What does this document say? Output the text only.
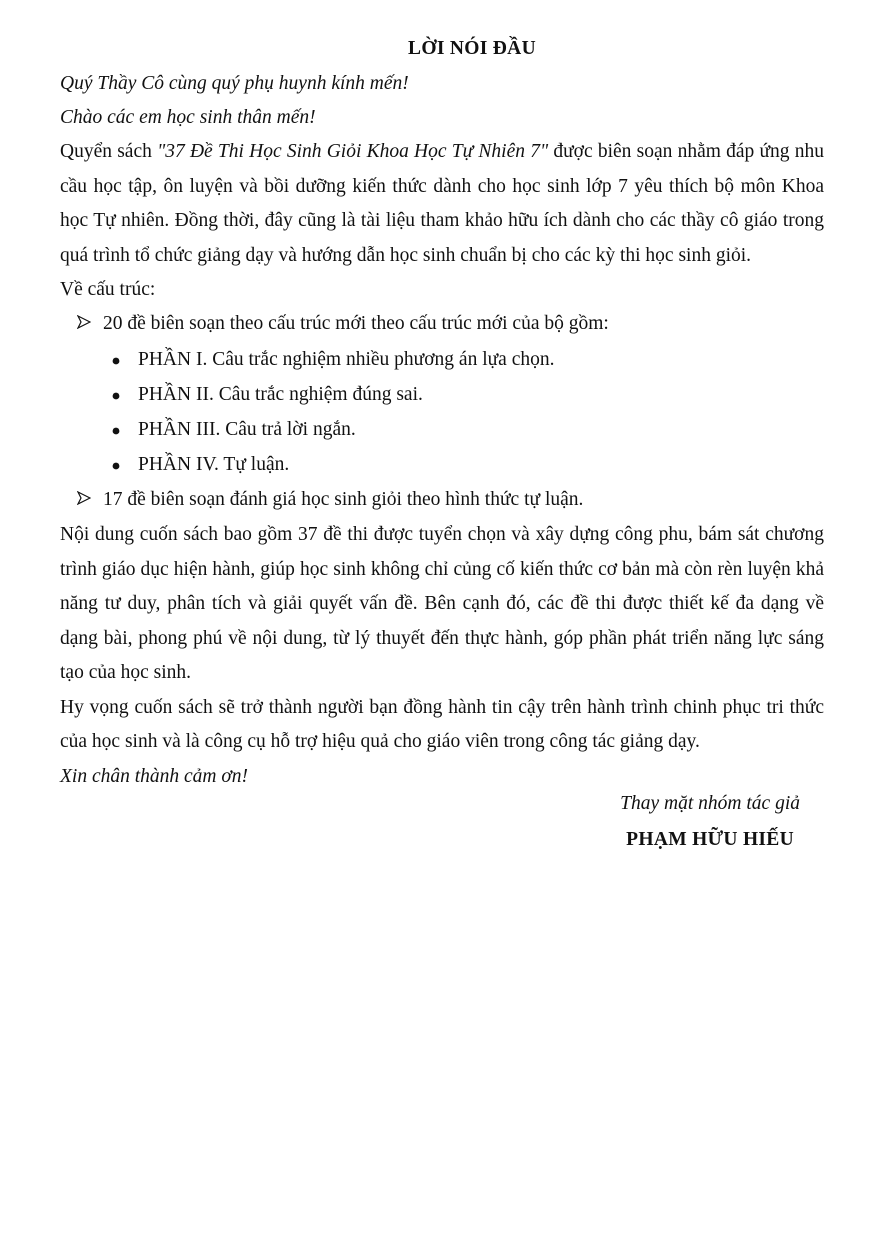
LỜI NÓI ĐẦU

Quý Thầy Cô cùng quý phụ huynh kính mến!

Chào các em học sinh thân mến!

Quyển sách "37 Đề Thi Học Sinh Giỏi Khoa Học Tự Nhiên 7" được biên soạn nhằm đáp ứng nhu cầu học tập, ôn luyện và bồi dưỡng kiến thức dành cho học sinh lớp 7 yêu thích bộ môn Khoa học Tự nhiên. Đồng thời, đây cũng là tài liệu tham khảo hữu ích dành cho các thầy cô giáo trong quá trình tổ chức giảng dạy và hướng dẫn học sinh chuẩn bị cho các kỳ thi học sinh giỏi.

Về cấu trúc:

20 đề biên soạn theo cấu trúc mới theo cấu trúc mới của bộ gồm:
PHẦN I. Câu trắc nghiệm nhiều phương án lựa chọn.
PHẦN II. Câu trắc nghiệm đúng sai.
PHẦN III. Câu trả lời ngắn.
PHẦN IV. Tự luận.
17 đề biên soạn đánh giá học sinh giỏi theo hình thức tự luận.

Nội dung cuốn sách bao gồm 37 đề thi được tuyển chọn và xây dựng công phu, bám sát chương trình giáo dục hiện hành, giúp học sinh không chỉ củng cố kiến thức cơ bản mà còn rèn luyện khả năng tư duy, phân tích và giải quyết vấn đề. Bên cạnh đó, các đề thi được thiết kế đa dạng về dạng bài, phong phú về nội dung, từ lý thuyết đến thực hành, góp phần phát triển năng lực sáng tạo của học sinh.

Hy vọng cuốn sách sẽ trở thành người bạn đồng hành tin cậy trên hành trình chinh phục tri thức của học sinh và là công cụ hỗ trợ hiệu quả cho giáo viên trong công tác giảng dạy.

Xin chân thành cảm ơn!

Thay mặt nhóm tác giả
PHẠM HỮU HIẾU
